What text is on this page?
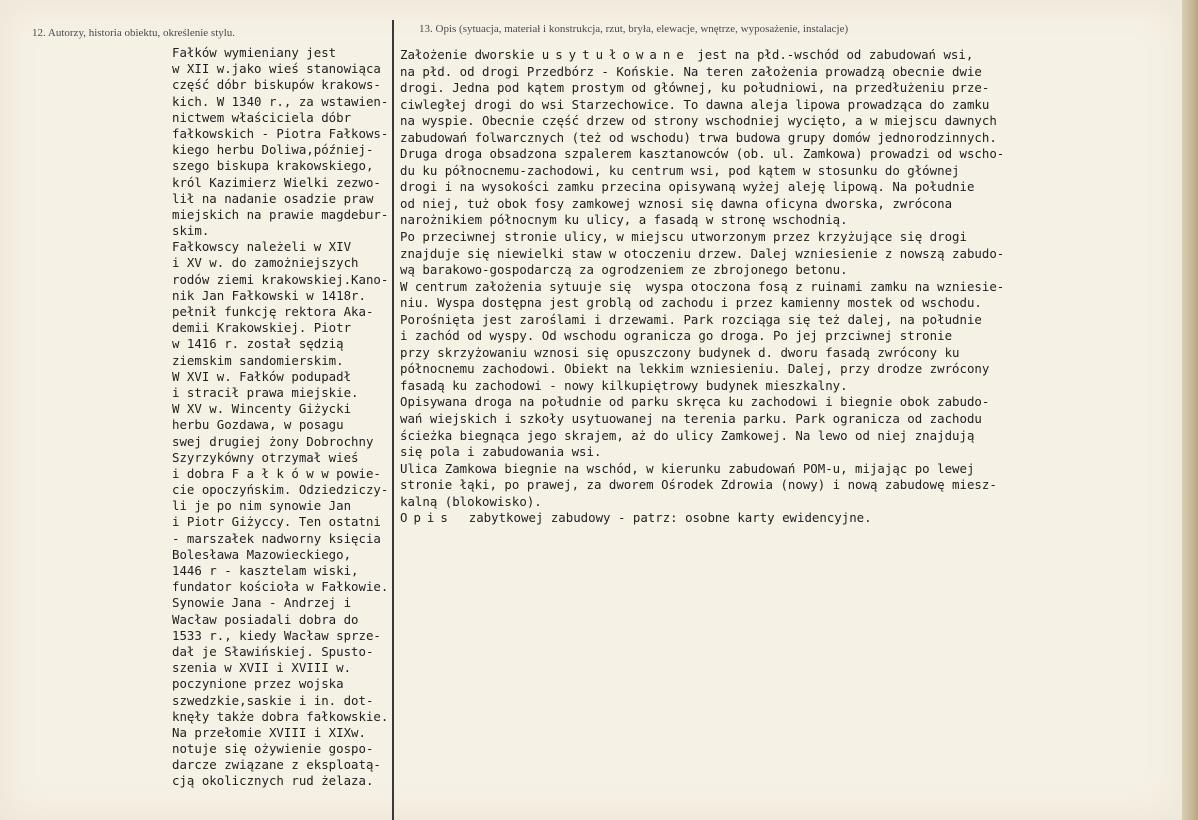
12. Autorzy, historia obiektu, określenie stylu.	13. Opis (sytuacja, materiał i konstrukcja, rzut, bryła, elewacje, wnętrze, wyposażenie, instalacje)
Fałków wymieniany jest
w XII w.jako wieś stanowiąca
część dóbr biskupów krakows-
kich. W 1340 r., za wstawien-
nictwem właściciela dóbr
fałkowskich - Piotra Fałkows-
kiego herbu Doliwa,później-
szego biskupa krakowskiego,
król Kazimierz Wielki zezwo-
lił na nadanie osadzie praw
miejskich na prawie magdebur-
skim.
Fałkowscy należeli w XIV
i XV w. do zamożniejszych
rodów ziemi krakowskiej.Kano-
nik Jan Fałkowski w 1418r.
pełnił funkcję rektora Aka-
demii Krakowskiej. Piotr
w 1416 r. został sędzią
ziemskim sandomierskim.
W XVI w. Fałków podupadł
i stracił prawa miejskie.
W XV w. Wincenty Giżycki
herbu Gozdawa, w posagu
swej drugiej żony Dobrochny
Szyrzykówny otrzymał wieś
i dobra F a ł k ó w w powie-
cie opoczyńskim. Odziedziczy-
li je po nim synowie Jan
i Piotr Giżyccy. Ten ostatni
- marszałek nadworny księcia
Bolesława Mazowieckiego,
1446 r - kasztelam wiski,
fundator kościoła w Fałkowie.
Synowie Jana - Andrzej i
Wacław posiadali dobra do
1533 r., kiedy Wacław sprze-
dał je Sławińskiej. Spusto-
szenia w XVII i XVIII w.
poczynione przez wojska
szwedzkie,saskie i in. dot-
knęły także dobra fałkowskie.
Na przełomie XVIII i XIXw.
notuje się ożywienie gospo-
darcze związane z eksploatą-
cją okolicznych rud żelaza.
Założenie dworskie usytułowane jest na płd.-wschód od zabudowań wsi,
na płd. od drogi Przedbórz - Końskie. Na teren założenia prowadzą obecnie dwie
drogi. Jedna pod kątem prostym od głównej, ku południowi, na przedłużeniu prze-
ciwległej drogi do wsi Starzechowice. To dawna aleja lipowa prowadząca do zamku
na wyspie. Obecnie część drzew od strony wschodniej wycięto, a w miejscu dawnych
zabudowań folwarcznych (też od wschodu) trwa budowa grupy domów jednorodzinnych.
Druga droga obsadzona szpalerem kasztanowców (ob. ul. Zamkowa) prowadzi od wscho-
du ku północnemu-zachodowi, ku centrum wsi, pod kątem w stosunku do głównej
drogi i na wysokości zamku przecina opisywaną wyżej aleję lipową. Na południe
od niej, tuż obok fosy zamkowej wznosi się dawna oficyna dworska, zwrócona
narożnikiem północnym ku ulicy, a fasadą w stronę wschodnią.
Po przeciwnej stronie ulicy, w miejscu utworzonym przez krzyżujące się drogi
znajduje się niewielki staw w otoczeniu drzew. Dalej wzniesienie z nowszą zabudo-
wą barakowo-gospodarczą za ogrodzeniem ze zbrojonego betonu.
W centrum założenia sytuuje się  wyspa otoczona fosą z ruinami zamku na wzniesie-
niu. Wyspa dostępna jest groblą od zachodu i przez kamienny mostek od wschodu.
Porośnięta jest zaroślami i drzewami. Park rozciąga się też dalej, na południe
i zachód od wyspy. Od wschodu ogranicza go droga. Po jej przciwnej stronie
przy skrzyżowaniu wznosi się opuszczony budynek d. dworu fasadą zwrócony ku
północnemu zachodowi. Obiekt na lekkim wzniesieniu. Dalej, przy drodze zwrócony
fasadą ku zachodowi - nowy kilkupiętrowy budynek mieszkalny.
Opisywana droga na południe od parku skręca ku zachodowi i biegnie obok zabudo-
wań wiejskich i szkoły usytuowanej na terenia parku. Park ogranicza od zachodu
ścieżka biegnąca jego skrajem, aż do ulicy Zamkowej. Na lewo od niej znajdują
się pola i zabudowania wsi.
Ulica Zamkowa biegnie na wschód, w kierunku zabudowań POM-u, mijając po lewej
stronie łąki, po prawej, za dworem Ośrodek Zdrowia (nowy) i nową zabudowę miesz-
kalną (blokowisko).
Opis  zabytkowej zabudowy - patrz: osobne karty ewidencyjne.
